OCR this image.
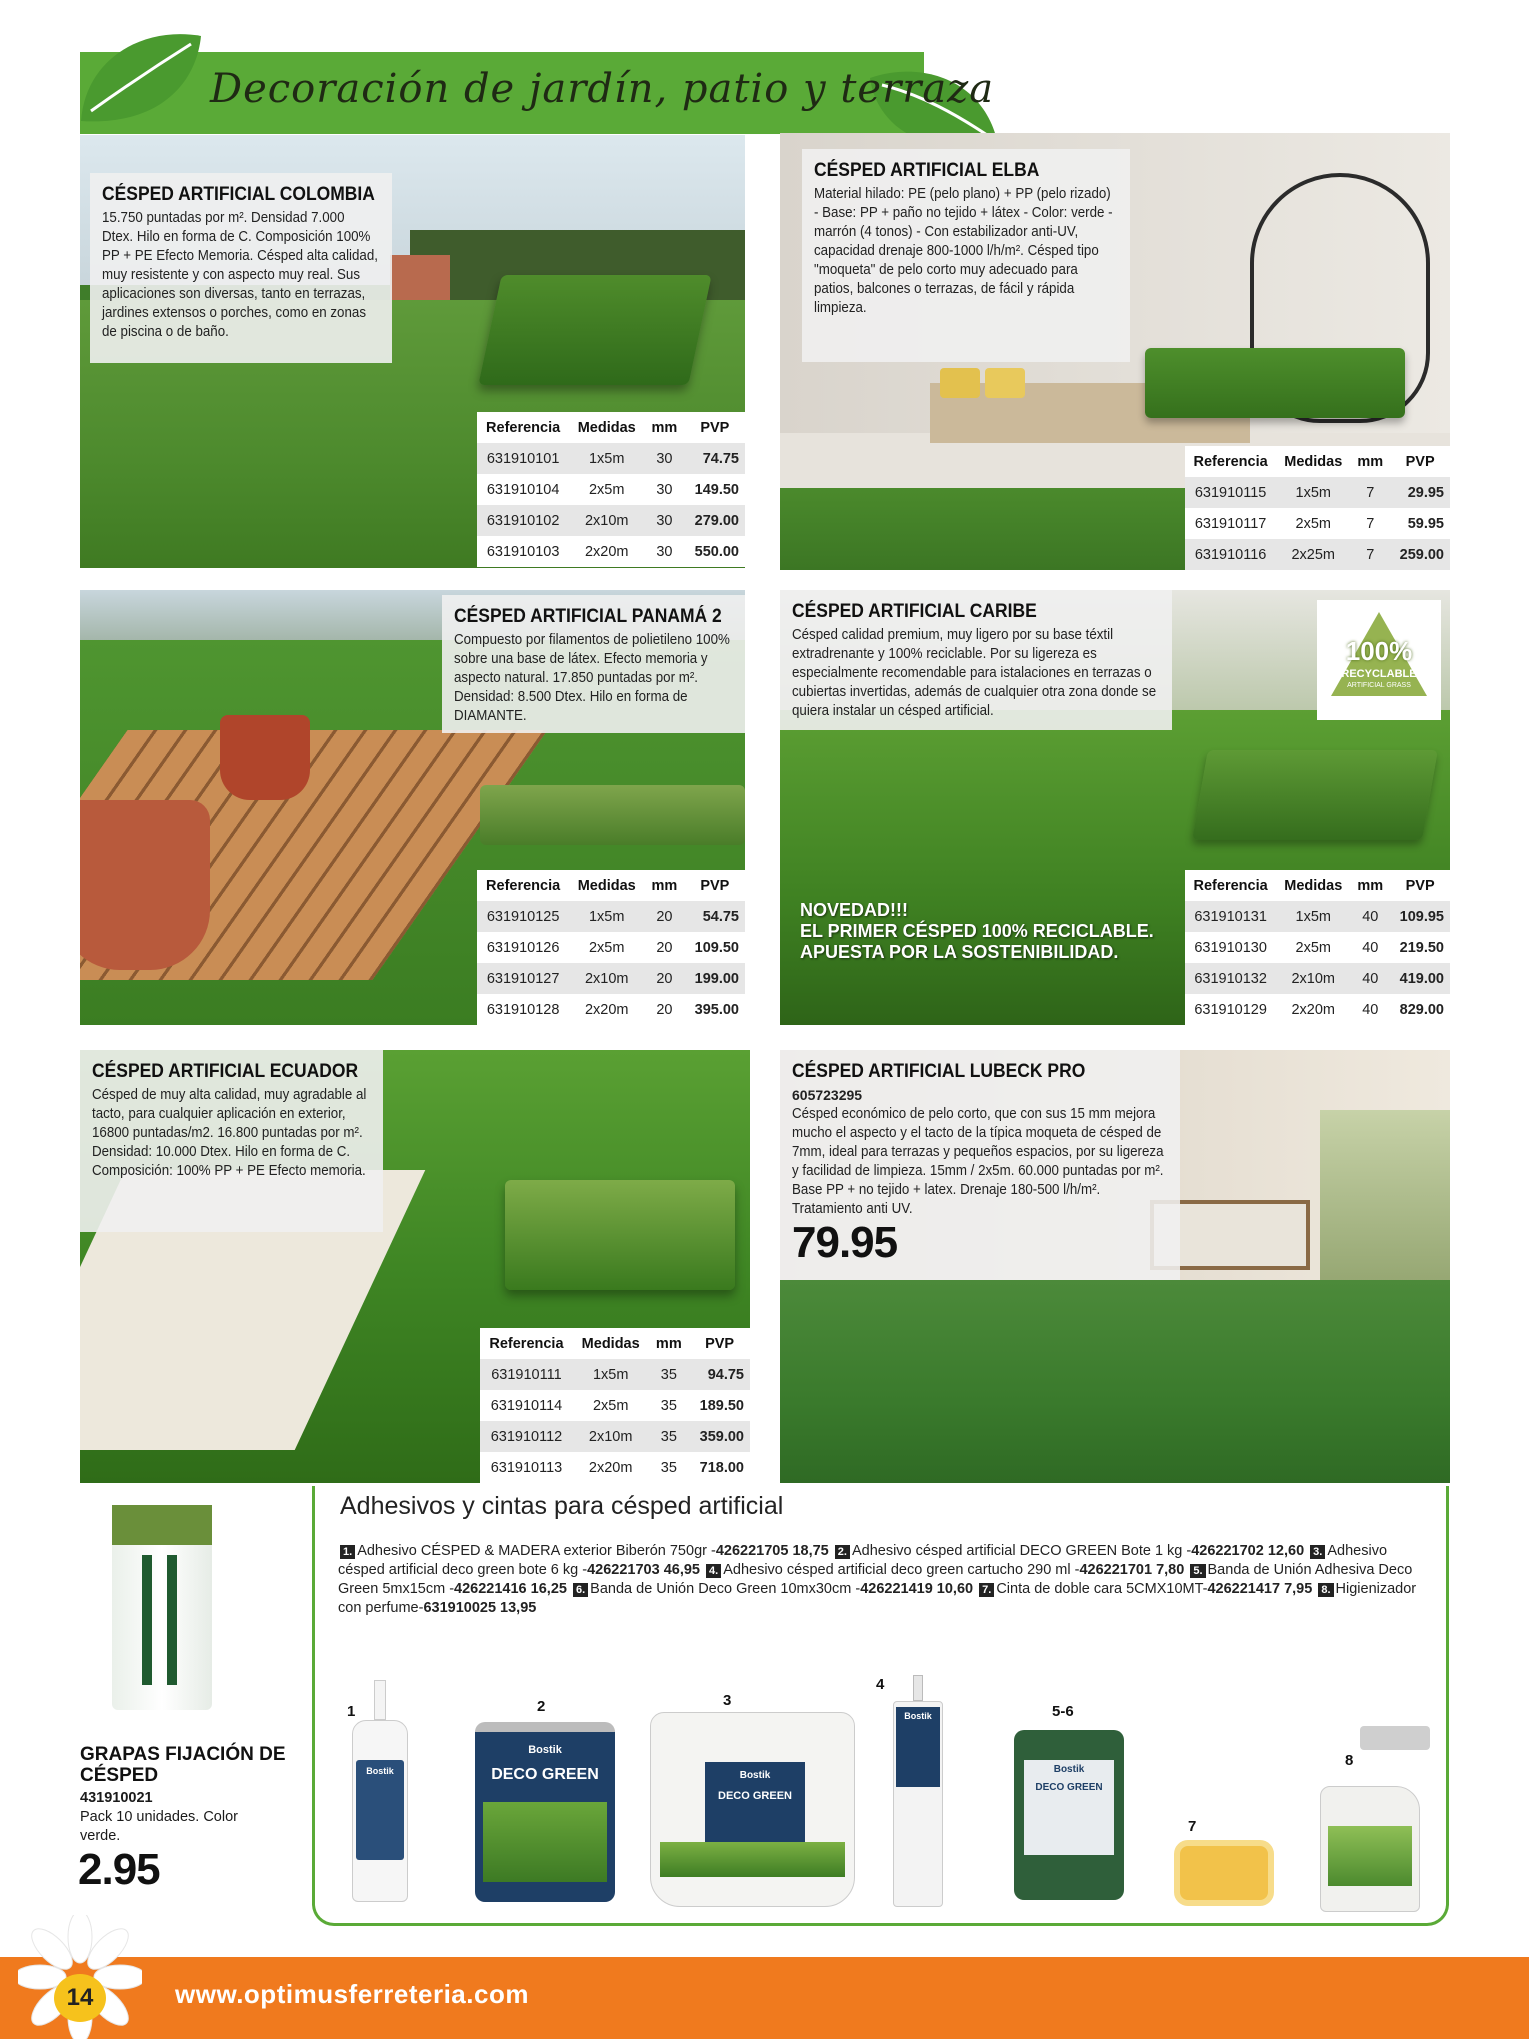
Decoración de jardín, patio y terraza
CÉSPED ARTIFICIAL COLOMBIA

15.750 puntadas por m². Densidad 7.000 Dtex. Hilo en forma de C. Composición 100% PP + PE Efecto Memoria. Césped alta calidad, muy resistente y con aspecto muy real. Sus aplicaciones son diversas, tanto en terrazas, jardines extensos o porches, como en zonas de piscina o de baño.

Referencia	Medidas	mm	PVP
631910101	1x5m	30	74.75
631910104	2x5m	30	149.50
631910102	2x10m	30	279.00
631910103	2x20m	30	550.00
CÉSPED ARTIFICIAL ELBA

Material hilado: PE (pelo plano) + PP (pelo rizado) - Base: PP + paño no tejido + látex - Color: verde - marrón (4 tonos) - Con estabilizador anti-UV, capacidad drenaje 800-1000 l/h/m². Césped tipo "moqueta" de pelo corto muy adecuado para patios, balcones o terrazas, de fácil y rápida limpieza.

Referencia	Medidas	mm	PVP
631910115	1x5m	7	29.95
631910117	2x5m	7	59.95
631910116	2x25m	7	259.00
CÉSPED ARTIFICIAL PANAMÁ 2

Compuesto por filamentos de polietileno 100% sobre una base de látex. Efecto memoria y aspecto natural. 17.850 puntadas por m². Densidad: 8.500 Dtex. Hilo en forma de DIAMANTE.

Referencia	Medidas	mm	PVP
631910125	1x5m	20	54.75
631910126	2x5m	20	109.50
631910127	2x10m	20	199.00
631910128	2x20m	20	395.00
CÉSPED ARTIFICIAL CARIBE

Césped calidad premium, muy ligero por su base téxtil extradrenante y 100% reciclable. Por su ligereza es especialmente recomendable para istalaciones en terrazas o cubiertas invertidas, además de cualquier otra zona donde se quiera instalar un césped artificial.

100%
RECYCLABLE
ARTIFICIAL GRASS
NOVEDAD!!!
EL PRIMER CÉSPED 100% RECICLABLE.
APUESTA POR LA SOSTENIBILIDAD.
Referencia	Medidas	mm	PVP
631910131	1x5m	40	109.95
631910130	2x5m	40	219.50
631910132	2x10m	40	419.00
631910129	2x20m	40	829.00
CÉSPED ARTIFICIAL ECUADOR

Césped de muy alta calidad, muy agradable al tacto, para cualquier aplicación en exterior, 16800 puntadas/m2. 16.800 puntadas por m². Densidad: 10.000 Dtex. Hilo en forma de C. Composición: 100% PP + PE Efecto memoria.

Referencia	Medidas	mm	PVP
631910111	1x5m	35	94.75
631910114	2x5m	35	189.50
631910112	2x10m	35	359.00
631910113	2x20m	35	718.00
CÉSPED ARTIFICIAL LUBECK PRO
605723295

Césped económico de pelo corto, que con sus 15 mm mejora mucho el aspecto y el tacto de la típica moqueta de césped de 7mm, ideal para terrazas y pequeños espacios, por su ligereza y facilidad de limpieza. 15mm / 2x5m. 60.000 puntadas por m². Base PP + no tejido + latex. Drenaje 180-500 l/h/m². Tratamiento anti UV.

79.95
GRAPAS FIJACIÓN DE CÉSPED
431910021
Pack 10 unidades. Color verde.
2.95
Adhesivos y cintas para césped artificial
1. Adhesivo CÉSPED & MADERA exterior Biberón 750gr -426221705 18,75 2. Adhesivo césped artificial DECO GREEN Bote 1 kg -426221702 12,60 3. Adhesivo césped artificial deco green bote 6 kg -426221703 46,95 4. Adhesivo césped artificial deco green cartucho 290 ml -426221701 7,80 5. Banda de Unión Adhesiva Deco Green 5mx15cm -426221416 16,25 6. Banda de Unión Deco Green 10mx30cm -426221419 10,60 7. Cinta de doble cara 5CMX10MT-426221417 7,95 8. Higienizador con perfume-631910025 13,95
1	2	3
4
5-6
7
8
Bostik
Bostik
DECO GREEN	Bostik
DECO GREEN
Bostik
Bostik
DECO GREEN
14	www.optimusferreteria.com
